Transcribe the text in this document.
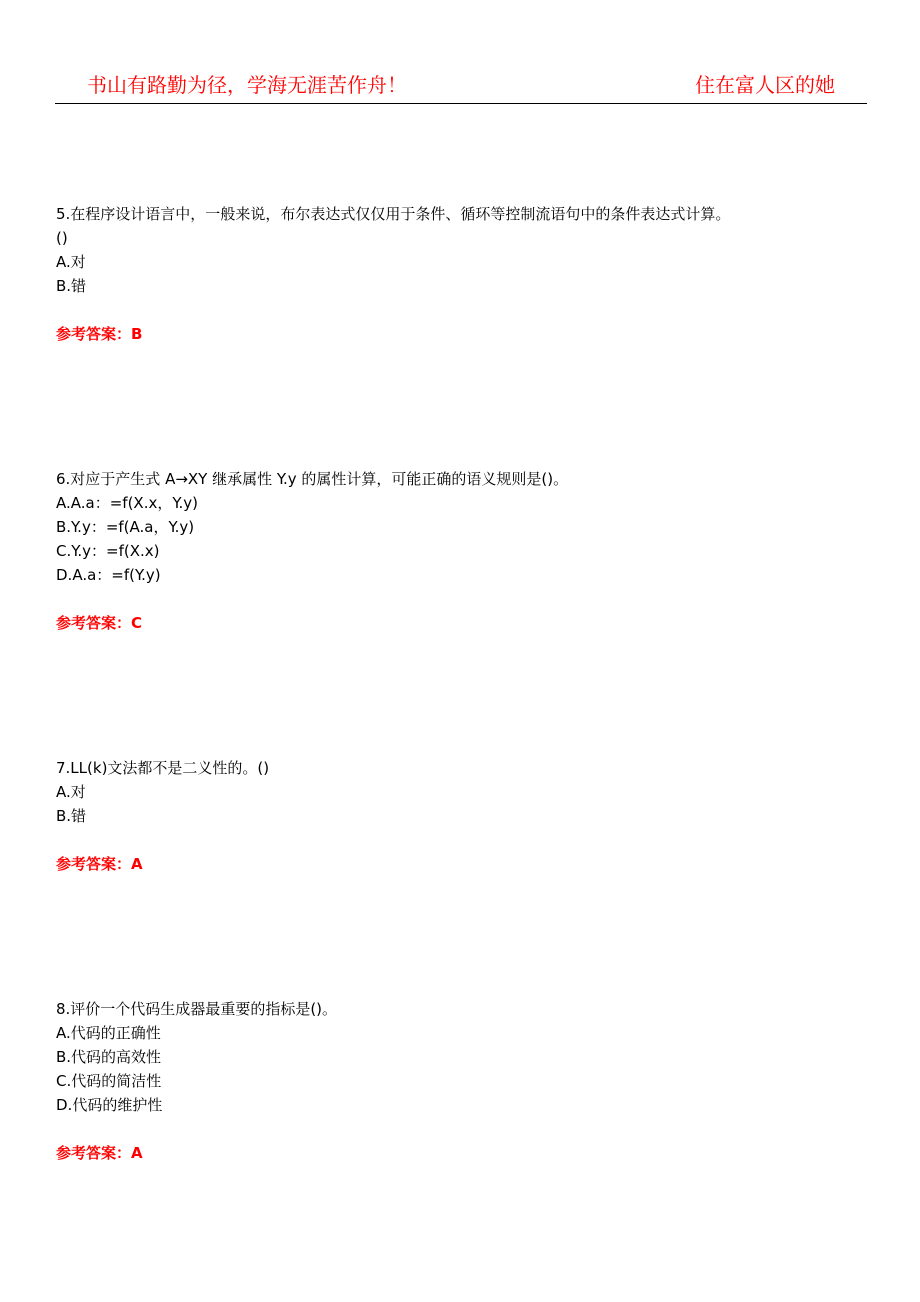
书山有路勤为径，学海无涯苦作舟！	住在富人区的她

5.在程序设计语言中，一般来说，布尔表达式仅仅用于条件、循环等控制流语句中的条件表达式计算。

()

A.对

B.错

参考答案：B

6.对应于产生式 A→XY 继承属性 Y.y 的属性计算，可能正确的语义规则是()。

A.A.a：=f(X.x，Y.y)

B.Y.y：=f(A.a，Y.y)

C.Y.y：=f(X.x)

D.A.a：=f(Y.y)

参考答案：C

7.LL(k)文法都不是二义性的。()

A.对

B.错

参考答案：A

8.评价一个代码生成器最重要的指标是()。

A.代码的正确性

B.代码的高效性

C.代码的简洁性

D.代码的维护性

参考答案：A
